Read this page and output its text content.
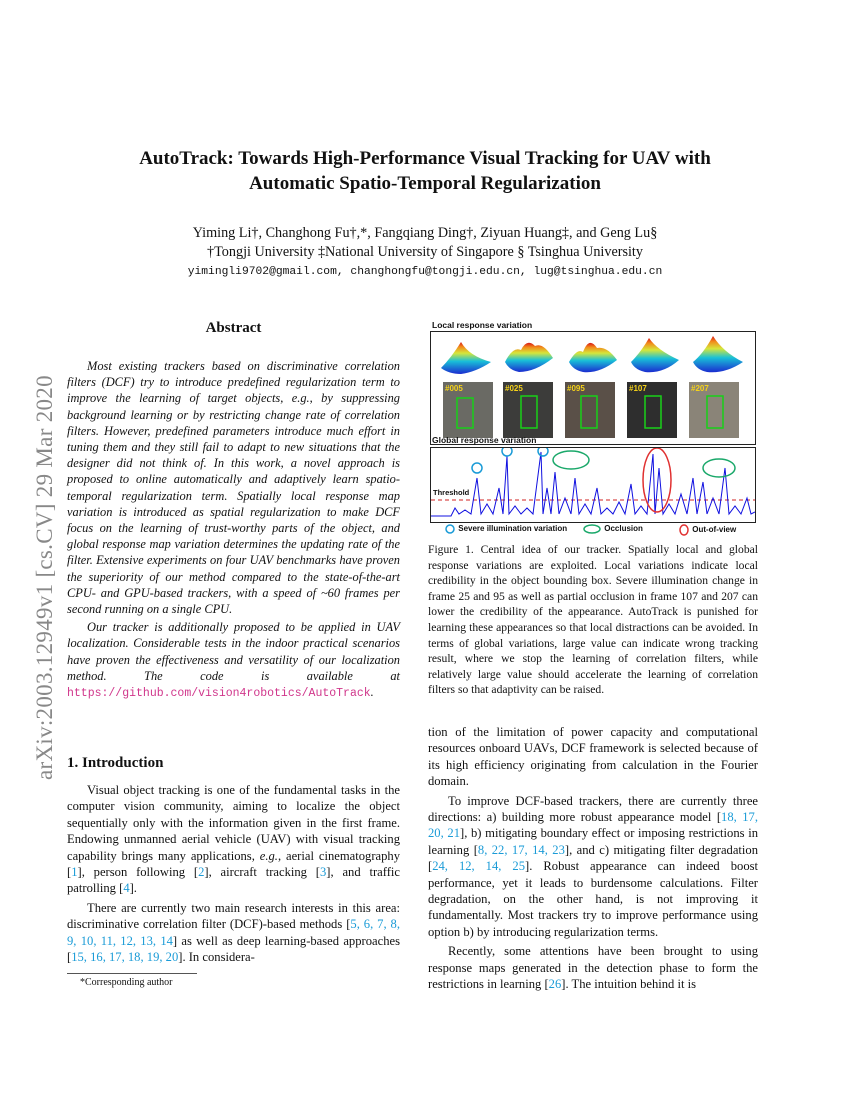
arXiv:2003.12949v1 [cs.CV] 29 Mar 2020
AutoTrack: Towards High-Performance Visual Tracking for UAV with
Automatic Spatio-Temporal Regularization
Yiming Li†, Changhong Fu†,*, Fangqiang Ding†, Ziyuan Huang‡, and Geng Lu§
†Tongji University ‡National University of Singapore § Tsinghua University
yimingli9702@gmail.com, changhongfu@tongji.edu.cn, lug@tsinghua.edu.cn
Abstract

Most existing trackers based on discriminative correlation filters (DCF) try to introduce predefined regularization term to improve the learning of target objects, e.g., by suppressing background learning or by restricting change rate of correlation filters. However, predefined parameters introduce much effort in tuning them and they still fail to adapt to new situations that the designer did not think of. In this work, a novel approach is proposed to online automatically and adaptively learn spatio-temporal regularization term. Spatially local response map variation is introduced as spatial regularization to make DCF focus on the learning of trust-worthy parts of the object, and global response map variation determines the updating rate of the filter. Extensive experiments on four UAV benchmarks have proven the superiority of our method compared to the state-of-the-art CPU- and GPU-based trackers, with a speed of ~60 frames per second running on a single CPU.

Our tracker is additionally proposed to be applied in UAV localization. Considerable tests in the indoor practical scenarios have proven the effectiveness and versatility of our localization method. The code is available at https://github.com/vision4robotics/AutoTrack.

1. Introduction

Visual object tracking is one of the fundamental tasks in the computer vision community, aiming to localize the object sequentially only with the information given in the first frame. Endowing unmanned aerial vehicle (UAV) with visual tracking capability brings many applications, e.g., aerial cinematography [1], person following [2], aircraft tracking [3], and traffic patrolling [4].

There are currently two main research interests in this area: discriminative correlation filter (DCF)-based methods [5, 6, 7, 8, 9, 10, 11, 12, 13, 14] as well as deep learning-based approaches [15, 16, 17, 18, 19, 20]. In considera-

*Corresponding author
Local response variation
#005	#025	#095	#107	#207
Global response variation
Threshold
Severe illumination variation	Occlusion	Out-of-view
Figure 1. Central idea of our tracker. Spatially local and global response variations are exploited. Local variations indicate local credibility in the object bounding box. Severe illumination change in frame 25 and 95 as well as partial occlusion in frame 107 and 207 can lower the credibility of the appearance. AutoTrack is punished for learning these appearances so that local distractions can be avoided. In terms of global variations, large value can indicate wrong tracking result, where we stop the learning of correlation filters, while relatively large value should accelerate the learning of correlation filters so that adaptivity can be raised.

tion of the limitation of power capacity and computational resources onboard UAVs, DCF framework is selected because of its high efficiency originating from calculation in the Fourier domain.

To improve DCF-based trackers, there are currently three directions: a) building more robust appearance model [18, 17, 20, 21], b) mitigating boundary effect or imposing restrictions in learning [8, 22, 17, 14, 23], and c) mitigating filter degradation [24, 12, 14, 25]. Robust appearance can indeed boost performance, yet it leads to burdensome calculations. Filter degradation, on the other hand, is not improving it fundamentally. Most trackers try to improve performance using option b) by introducing regularization terms.

Recently, some attentions have been brought to using response maps generated in the detection phase to form the restrictions in learning [26]. The intuition behind it is
